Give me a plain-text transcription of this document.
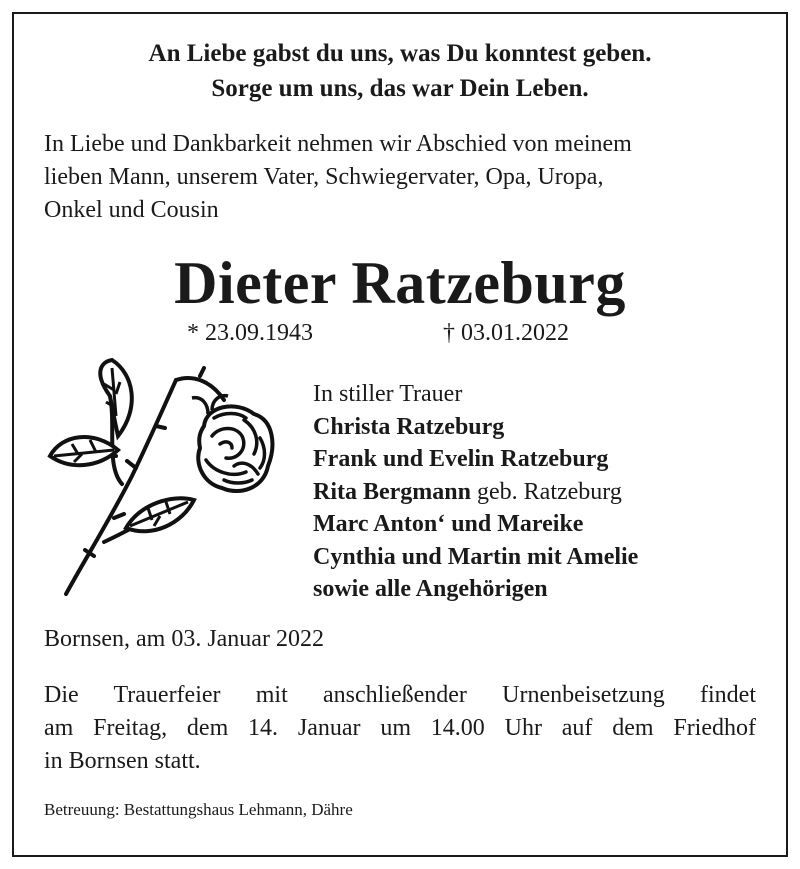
An Liebe gabst du uns, was Du konntest geben.
Sorge um uns, das war Dein Leben.
In Liebe und Dankbarkeit nehmen wir Abschied von meinem
lieben Mann, unserem Vater, Schwiegervater, Opa, Uropa,
Onkel und Cousin
Dieter Ratzeburg
* 23.09.1943	† 03.01.2022
In stiller Trauer
Christa Ratzeburg
Frank und Evelin Ratzeburg
Rita Bergmann geb. Ratzeburg
Marc Anton‘ und Mareike
Cynthia und Martin mit Amelie
sowie alle Angehörigen
Bornsen, am 03. Januar 2022
Die Trauerfeier mit anschließender Urnenbeisetzung findet
am Freitag, dem 14. Januar um 14.00 Uhr auf dem Friedhof
in Bornsen statt.
Betreuung: Bestattungshaus Lehmann, Dähre
